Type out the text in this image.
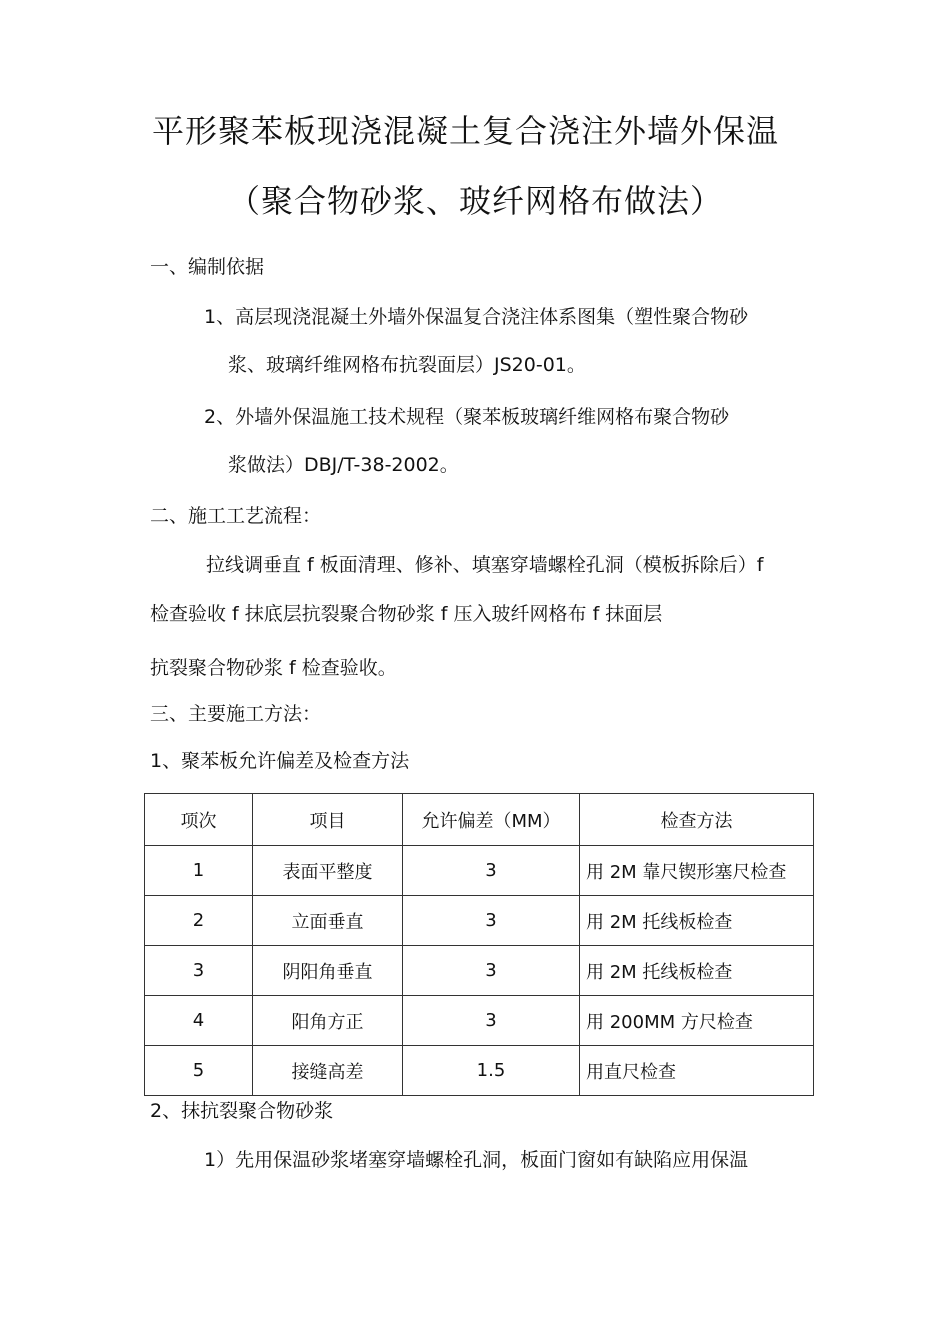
平形聚苯板现浇混凝土复合浇注外墙外保温
（聚合物砂浆、玻纤网格布做法）
一、编制依据
1、高层现浇混凝土外墙外保温复合浇注体系图集（塑性聚合物砂
浆、玻璃纤维网格布抗裂面层）JS20-01。
2、外墙外保温施工技术规程（聚苯板玻璃纤维网格布聚合物砂
浆做法）DBJ/T-38-2002。
二、施工工艺流程：
拉线调垂直 f 板面清理、修补、填塞穿墙螺栓孔洞（模板拆除后）f
检查验收 f 抹底层抗裂聚合物砂浆 f 压入玻纤网格布 f 抹面层
抗裂聚合物砂浆 f 检查验收。
三、主要施工方法：
1、聚苯板允许偏差及检查方法
项次	项目	允许偏差（MM）	检查方法
1	表面平整度	3	用 2M 靠尺锲形塞尺检查
2	立面垂直	3	用 2M 托线板检查
3	阴阳角垂直	3	用 2M 托线板检查
4	阳角方正	3	用 200MM 方尺检查
5	接缝高差	1.5	用直尺检查
2、抹抗裂聚合物砂浆
1）先用保温砂浆堵塞穿墙螺栓孔洞，板面门窗如有缺陷应用保温
